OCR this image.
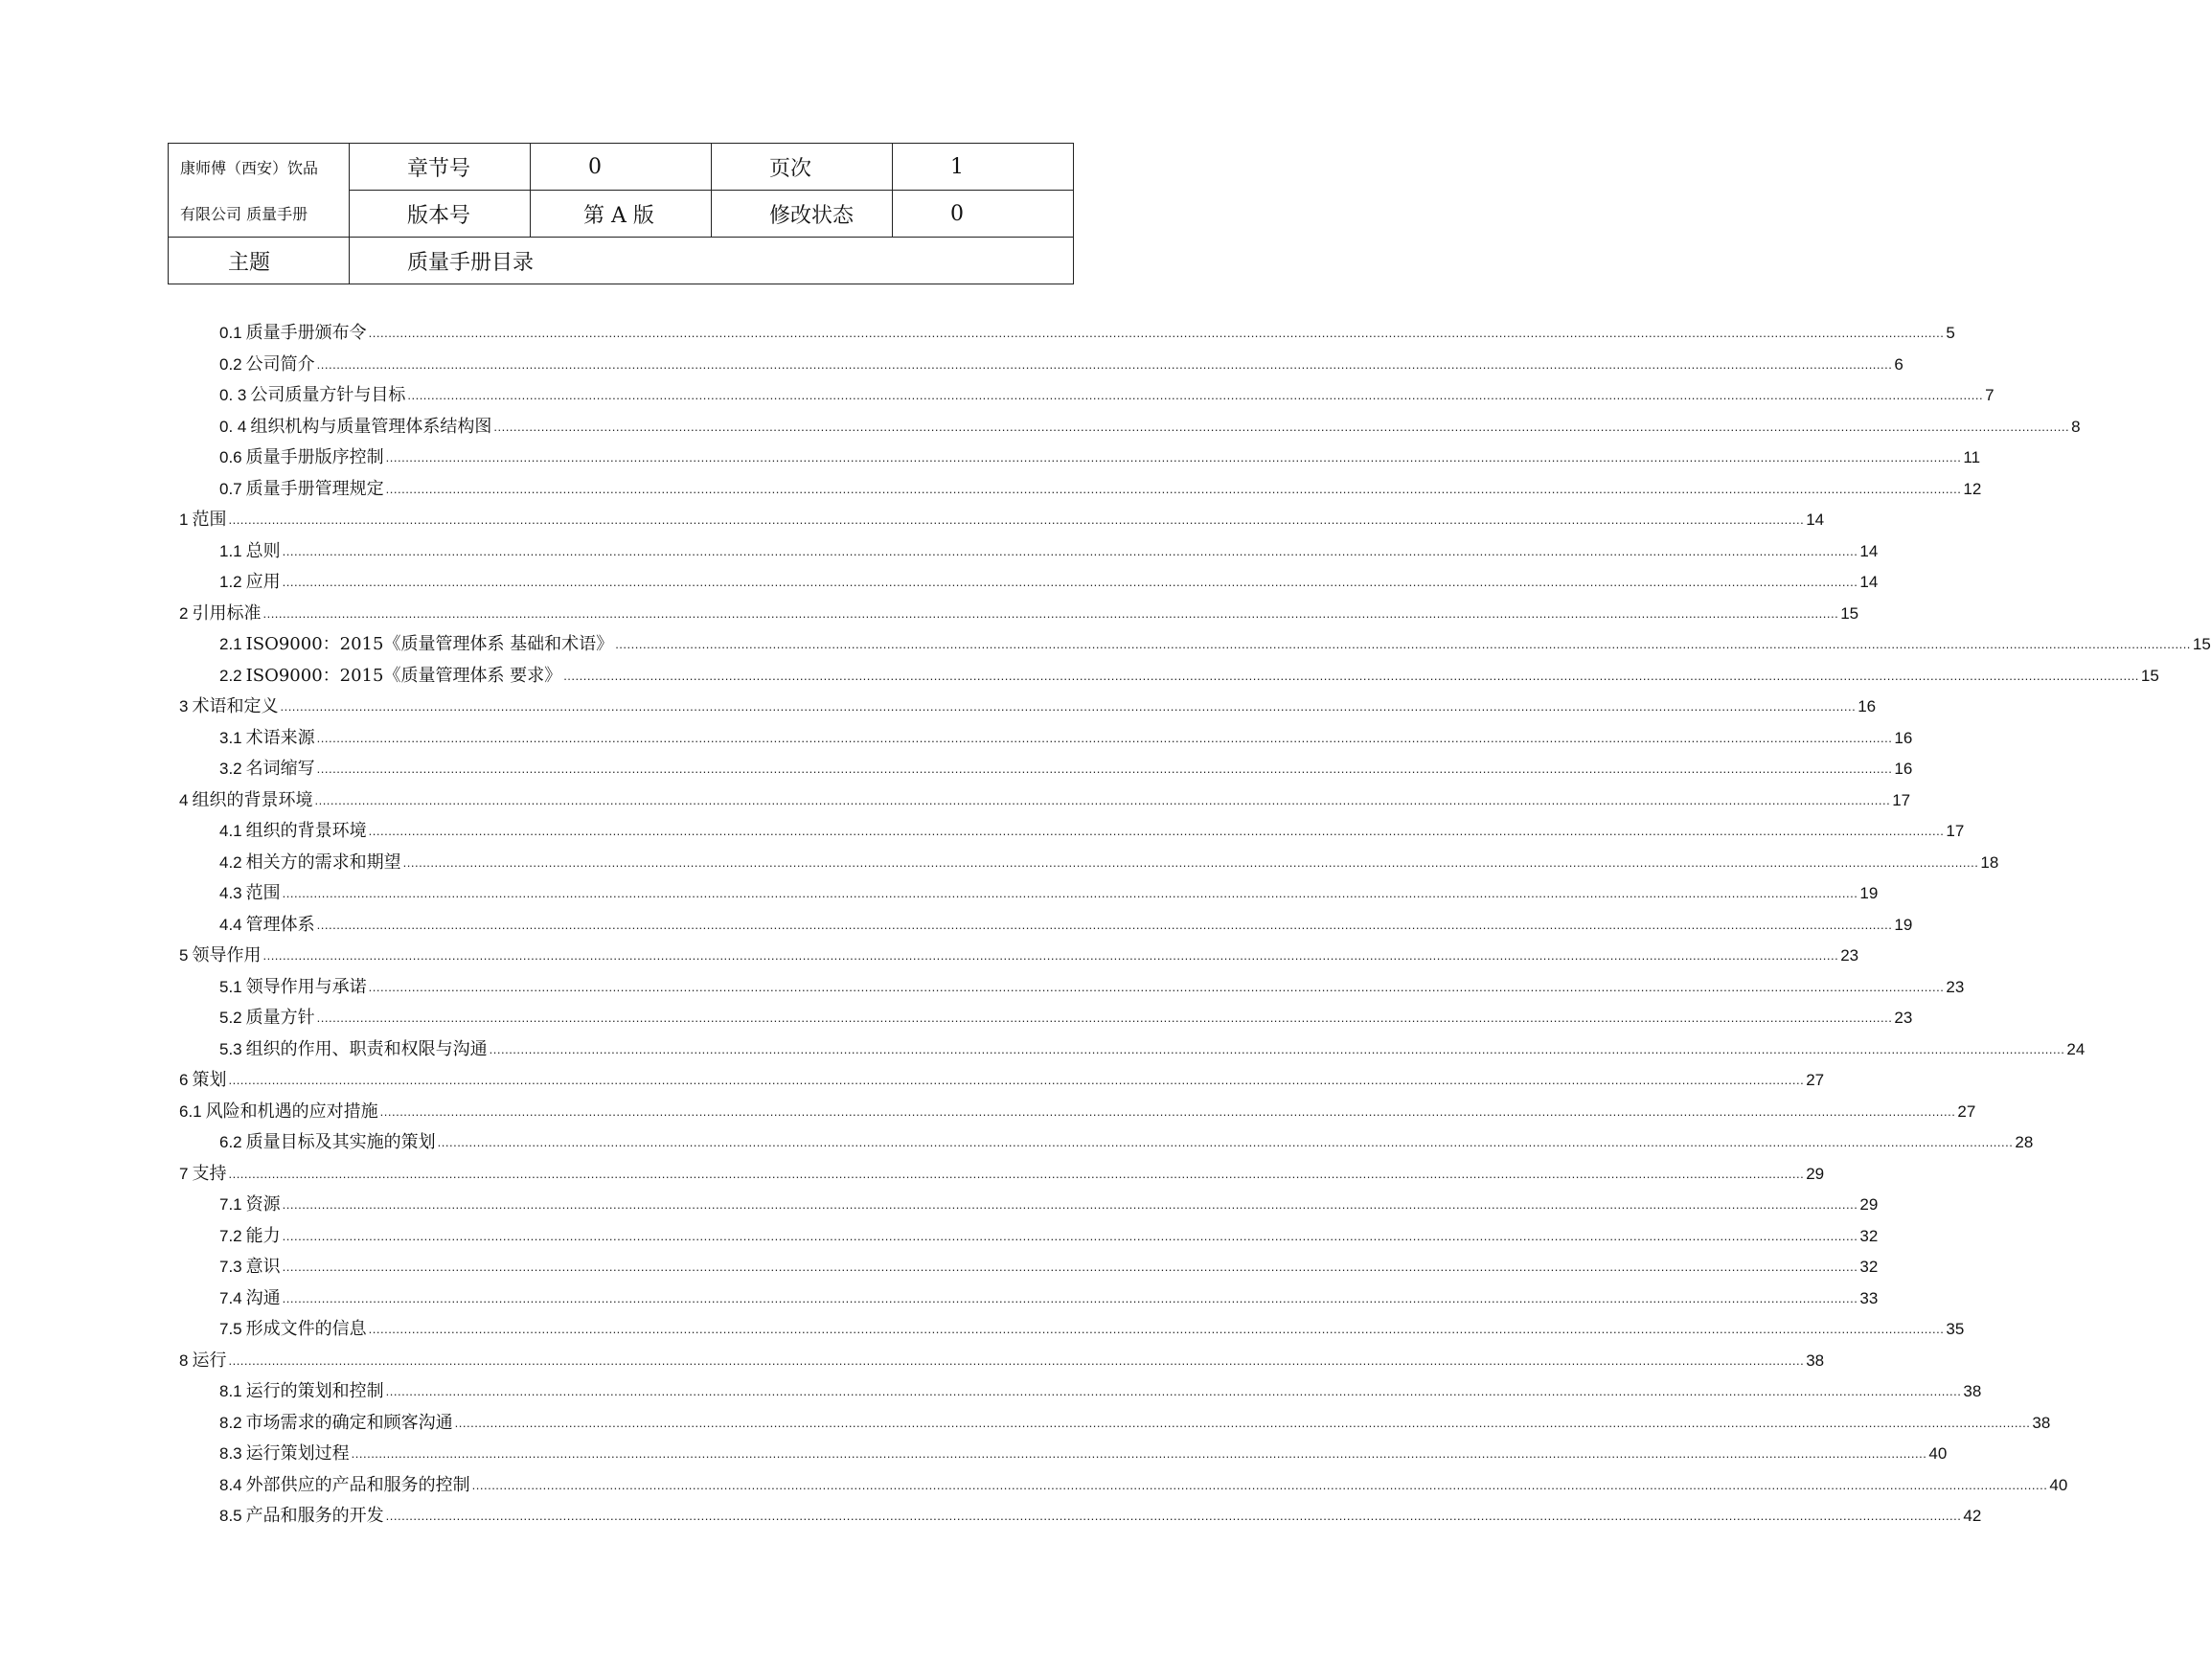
康师傅（西安）饮品	章节号	0	页次	1
有限公司 质量手册	版本号	第 A 版	修改状态	0
主题	质量手册目录			
0.1 质量手册颁布令 ................................................................................................................................................................................................................................................................................................................................................................................................................ 5
0.2 公司简介 ................................................................................................................................................................................................................................................................................................................................................................................................................ 6
0. 3 公司质量方针与目标 ................................................................................................................................................................................................................................................................................................................................................................................................................ 7
0. 4 组织机构与质量管理体系结构图 ................................................................................................................................................................................................................................................................................................................................................................................................................ 8
0.6 质量手册版序控制 ................................................................................................................................................................................................................................................................................................................................................................................................................ 11
0.7 质量手册管理规定 ................................................................................................................................................................................................................................................................................................................................................................................................................ 12
1 范围 ................................................................................................................................................................................................................................................................................................................................................................................................................ 14
1.1 总则 ................................................................................................................................................................................................................................................................................................................................................................................................................ 14
1.2 应用 ................................................................................................................................................................................................................................................................................................................................................................................................................ 14
2 引用标准 ................................................................................................................................................................................................................................................................................................................................................................................................................ 15
2.1 ISO9000：2015《质量管理体系 基础和术语》 ................................................................................................................................................................................................................................................................................................................................................................................................................ 15
2.2 ISO9000：2015《质量管理体系 要求》 ................................................................................................................................................................................................................................................................................................................................................................................................................ 15
3 术语和定义 ................................................................................................................................................................................................................................................................................................................................................................................................................ 16
3.1 术语来源 ................................................................................................................................................................................................................................................................................................................................................................................................................ 16
3.2 名词缩写 ................................................................................................................................................................................................................................................................................................................................................................................................................ 16
4 组织的背景环境 ................................................................................................................................................................................................................................................................................................................................................................................................................ 17
4.1 组织的背景环境 ................................................................................................................................................................................................................................................................................................................................................................................................................ 17
4.2 相关方的需求和期望 ................................................................................................................................................................................................................................................................................................................................................................................................................ 18
4.3 范围 ................................................................................................................................................................................................................................................................................................................................................................................................................ 19
4.4 管理体系 ................................................................................................................................................................................................................................................................................................................................................................................................................ 19
5 领导作用 ................................................................................................................................................................................................................................................................................................................................................................................................................ 23
5.1 领导作用与承诺 ................................................................................................................................................................................................................................................................................................................................................................................................................ 23
5.2 质量方针 ................................................................................................................................................................................................................................................................................................................................................................................................................ 23
5.3 组织的作用、职责和权限与沟通 ................................................................................................................................................................................................................................................................................................................................................................................................................ 24
6 策划 ................................................................................................................................................................................................................................................................................................................................................................................................................ 27
6.1 风险和机遇的应对措施 ................................................................................................................................................................................................................................................................................................................................................................................................................ 27
6.2 质量目标及其实施的策划 ................................................................................................................................................................................................................................................................................................................................................................................................................ 28
7 支持 ................................................................................................................................................................................................................................................................................................................................................................................................................ 29
7.1 资源 ................................................................................................................................................................................................................................................................................................................................................................................................................ 29
7.2 能力 ................................................................................................................................................................................................................................................................................................................................................................................................................ 32
7.3 意识 ................................................................................................................................................................................................................................................................................................................................................................................................................ 32
7.4 沟通 ................................................................................................................................................................................................................................................................................................................................................................................................................ 33
7.5 形成文件的信息 ................................................................................................................................................................................................................................................................................................................................................................................................................ 35
8 运行 ................................................................................................................................................................................................................................................................................................................................................................................................................ 38
8.1 运行的策划和控制 ................................................................................................................................................................................................................................................................................................................................................................................................................ 38
8.2 市场需求的确定和顾客沟通 ................................................................................................................................................................................................................................................................................................................................................................................................................ 38
8.3 运行策划过程 ................................................................................................................................................................................................................................................................................................................................................................................................................ 40
8.4 外部供应的产品和服务的控制 ................................................................................................................................................................................................................................................................................................................................................................................................................ 40
8.5 产品和服务的开发 ................................................................................................................................................................................................................................................................................................................................................................................................................ 42
